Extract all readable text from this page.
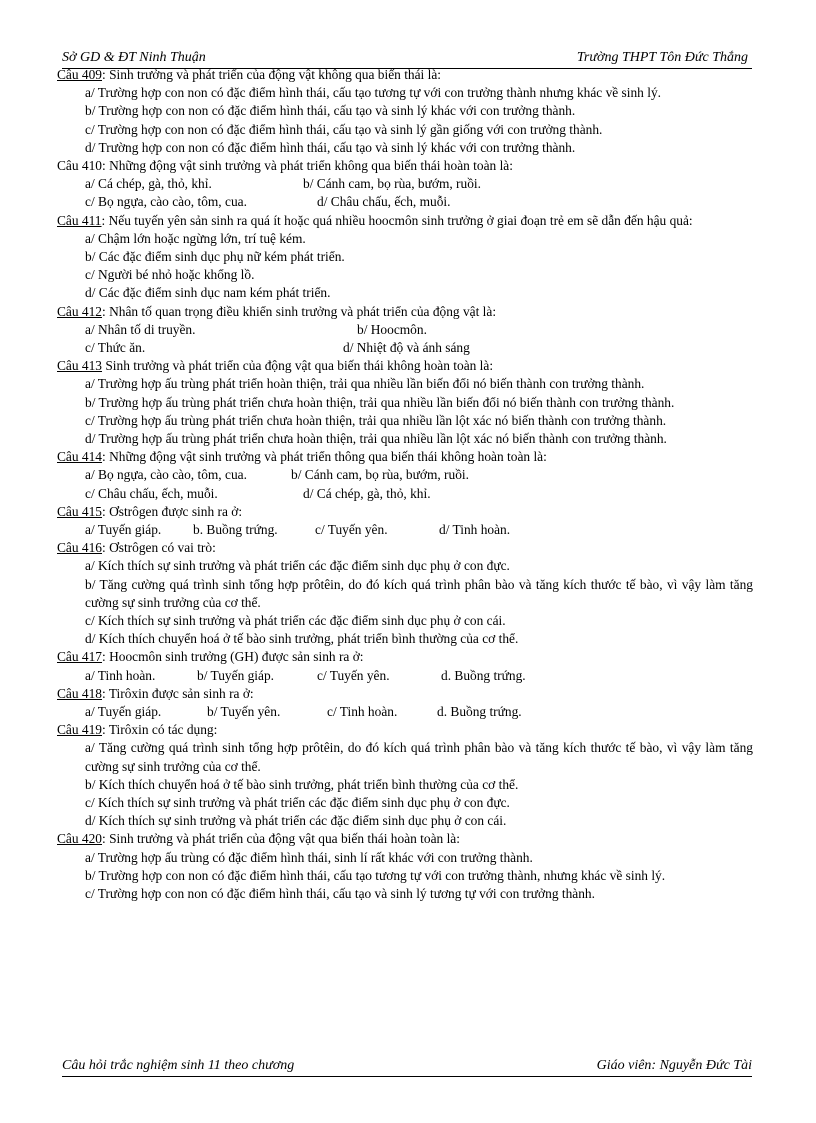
Sở GD & ĐT Ninh Thuận	Trường THPT Tôn Đức Thắng

Câu 409: Sinh trưởng và phát triển của động vật không qua biến thái là:

a/ Trường hợp con non có đặc điểm hình thái, cấu tạo tương tự với con trưởng thành nhưng khác về sinh lý.

b/ Trường hợp con non có đặc điểm hình thái, cấu tạo và sinh lý khác với con trưởng thành.

c/ Trường hợp con non có đặc điểm hình thái, cấu tạo và sinh lý gần giống với con trưởng thành.

d/ Trường hợp con non có đặc điểm hình thái, cấu tạo và sinh lý khác với con trưởng thành.

Câu 410: Những động vật sinh trưởng và phát triển không qua biến thái hoàn toàn là:

a/ Cá chép, gà, thỏ, khỉ.	b/ Cánh cam, bọ rùa, bướm, ruồi.
c/ Bọ ngựa, cào cào, tôm, cua.	d/ Châu chấu, ếch, muỗi.

Câu 411: Nếu tuyến yên sản sinh ra quá ít hoặc quá nhiều hoocmôn sinh trưởng ở giai đoạn trẻ em sẽ dẫn đến hậu quả:

a/ Chậm lớn hoặc ngừng lớn, trí tuệ kém.

b/ Các đặc điểm sinh dục phụ nữ kém phát triển.

c/ Người bé nhỏ hoặc khổng lồ.

d/ Các đặc điểm sinh dục nam kém phát triển.

Câu 412: Nhân tố quan trọng điều khiển sinh trưởng và phát triển của động vật là:

a/ Nhân tố di truyền.	b/ Hoocmôn.
c/ Thức ăn.	d/ Nhiệt độ và ánh sáng

Câu 413 Sinh trưởng và phát triển của động vật qua biến thái không hoàn toàn là:

a/ Trường hợp ấu trùng phát triển hoàn thiện, trải qua nhiều lần biến đổi nó biến thành con trưởng thành.

b/ Trường hợp ấu trùng phát triển chưa hoàn thiện, trải qua nhiều lần biến đổi nó biến thành con trưởng thành.

c/ Trường hợp ấu trùng phát triển chưa hoàn thiện, trải qua nhiều lần lột xác nó biến thành con trưởng thành.

d/ Trường hợp ấu trùng phát triển chưa hoàn thiện, trải qua nhiều lần lột xác nó biến thành con trưởng thành.

Câu 414: Những động vật sinh trưởng và phát triển thông qua biến thái không hoàn toàn là:

a/ Bọ ngựa, cào cào, tôm, cua.	b/ Cánh cam, bọ rùa, bướm, ruồi.
c/ Châu chấu, ếch, muỗi.	d/ Cá chép, gà, thỏ, khỉ.

Câu 415: Ơstrôgen được sinh ra ở:

a/ Tuyến giáp. b. Buồng trứng.	c/ Tuyến yên.	d/ Tinh hoàn.

Câu 416: Ơstrôgen có vai trò:

a/ Kích thích sự sinh trưởng và phát triển các đặc điểm sinh dục phụ ở con đực.

b/ Tăng cường quá trình sinh tổng hợp prôtêin, do đó kích quá trình phân bào và tăng kích thước tế bào, vì vậy làm tăng cường sự sinh trưởng của cơ thể.

c/ Kích thích sự sinh trưởng và phát triển các đặc điểm sinh dục phụ ở con cái.

d/ Kích thích chuyển hoá ở tế bào sinh trưởng, phát triển bình thường của cơ thể.

Câu 417: Hoocmôn sinh trưởng (GH) được sản sinh ra ở:

a/ Tinh hoàn.	b/ Tuyến giáp.	c/ Tuyến yên.	d. Buồng trứng.

Câu 418: Tirôxin được sản sinh ra ở:

a/ Tuyến giáp.	b/ Tuyến yên.	c/ Tinh hoàn.	d. Buồng trứng.

Câu 419: Tirôxin có tác dụng:

a/ Tăng cường quá trình sinh tổng hợp prôtêin, do đó kích quá trình phân bào và tăng kích thước tế bào, vì vậy làm tăng cường sự sinh trưởng của cơ thể.

b/ Kích thích chuyển hoá ở tế bào sinh trưởng, phát triển bình thường của cơ thể.

c/ Kích thích sự sinh trưởng và phát triển các đặc điểm sinh dục phụ ở con đực.

d/ Kích thích sự sinh trưởng và phát triển các đặc điểm sinh dục phụ ở con cái.

Câu 420: Sinh trưởng và phát triển của động vật qua biến thái hoàn toàn là:

a/ Trường hợp ấu trùng có đặc điểm hình thái, sinh lí rất khác với con trưởng thành.

b/ Trường hợp con non có đặc điểm hình thái, cấu tạo tương tự với con trưởng thành, nhưng khác về sinh lý.

c/ Trường hợp con non có đặc điểm hình thái, cấu tạo và sinh lý tương tự với con trưởng thành.

Câu hỏi trắc nghiệm sinh 11 theo chương	Giáo viên: Nguyễn Đức Tài
